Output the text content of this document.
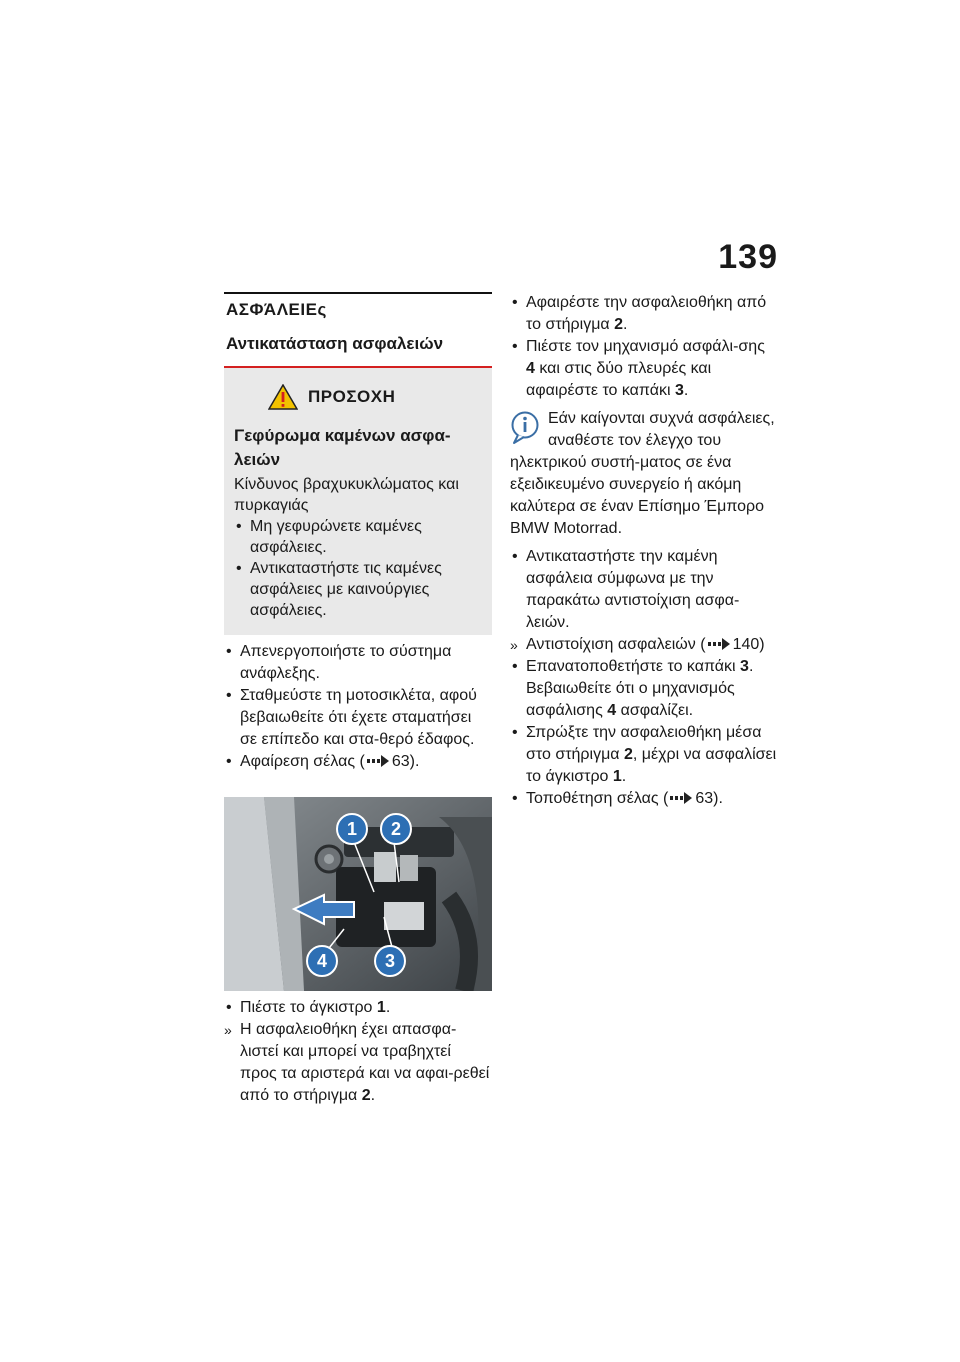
139
ΑΣΦΆΛΕΙΕς
Αντικατάσταση ασφαλειών
ΠΡΟΣΟΧΗ
Γεφύρωμα καμένων ασφα-λειών
Κίνδυνος βραχυκυκλώματος και πυρκαγιάς
• Μη γεφυρώνετε καμένες ασφάλειες.
• Αντικαταστήστε τις καμένες ασφάλειες με καινούργιες ασφάλειες.
• Απενεργοποιήστε το σύστημα ανάφλεξης.
• Σταθμεύστε τη μοτοσικλέτα, αφού βεβαιωθείτε ότι έχετε σταματήσει σε επίπεδο και στα-θερό έδαφος.
• Αφαίρεση σέλας ( 63).
1	2
3
4
• Πιέστε το άγκιστρο 1.
» Η ασφαλειοθήκη έχει απασφα-λιστεί και μπορεί να τραβηχτεί προς τα αριστερά και να αφαι-ρεθεί από το στήριγμα 2.
• Αφαιρέστε την ασφαλειοθήκη από το στήριγμα 2.
• Πιέστε τον μηχανισμό ασφάλι-σης 4 και στις δύο πλευρές και αφαιρέστε το καπάκι 3.
Εάν καίγονται συχνά ασφάλειες, αναθέστε τον έλεγχο του ηλεκτρικού συστή-ματος σε ένα εξειδικευμένο συνεργείο ή ακόμη καλύτερα σε έναν Επίσημο Έμπορο BMW Motorrad.
• Αντικαταστήστε την καμένη ασφάλεια σύμφωνα με την παρακάτω αντιστοίχιση ασφα-λειών.
» Αντιστοίχιση ασφαλειών ( 140)
• Επανατοποθετήστε το καπάκι 3. Βεβαιωθείτε ότι ο μηχανισμός ασφάλισης 4 ασφαλίζει.
• Σπρώξτε την ασφαλειοθήκη μέσα στο στήριγμα 2, μέχρι να ασφαλίσει το άγκιστρο 1.
• Τοποθέτηση σέλας ( 63).
